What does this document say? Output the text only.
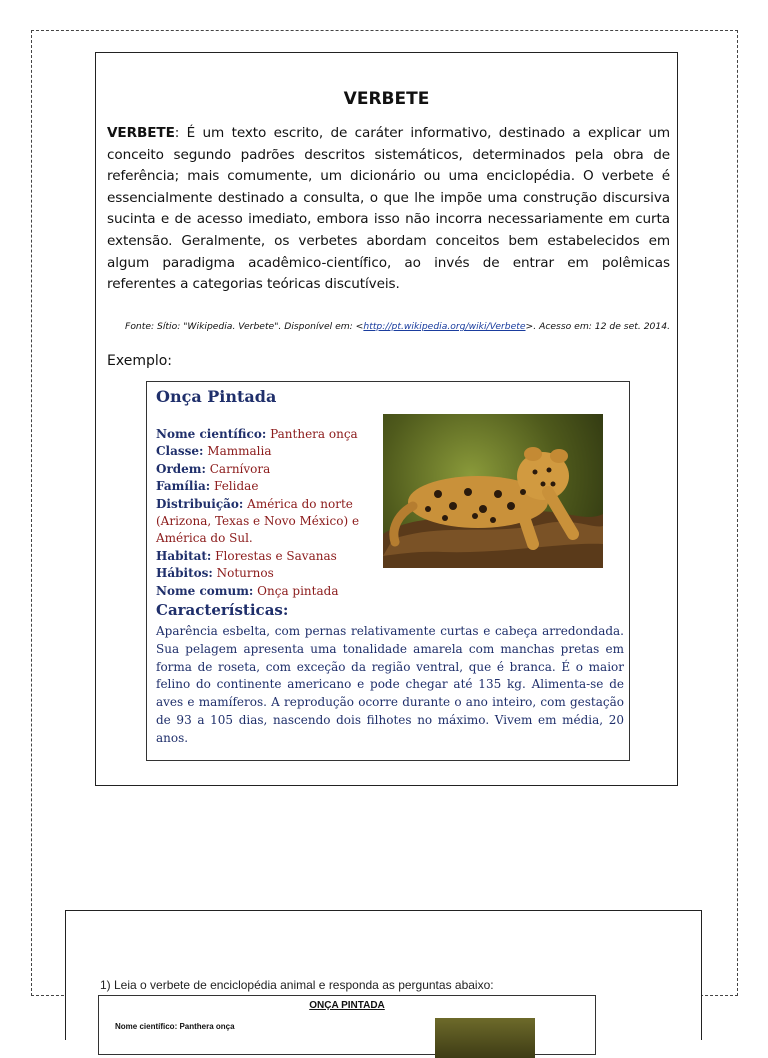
VERBETE

VERBETE: É um texto escrito, de caráter informativo, destinado a explicar um conceito segundo padrões descritos sistemáticos, determinados pela obra de referência; mais comumente, um dicionário ou uma enciclopédia. O verbete é essencialmente destinado a consulta, o que lhe impõe uma construção discursiva sucinta e de acesso imediato, embora isso não incorra necessariamente em curta extensão. Geralmente, os verbetes abordam conceitos bem estabelecidos em algum paradigma acadêmico-científico, ao invés de entrar em polêmicas referentes a categorias teóricas discutíveis.

Fonte: Sítio: "Wikipedia. Verbete". Disponível em: <http://pt.wikipedia.org/wiki/Verbete>. Acesso em: 12 de set. 2014.

Exemplo:
Onça Pintada
Nome científico: Panthera onça
Classe: Mammalia
Ordem: Carnívora
Família: Felidae
Distribuição: América do norte (Arizona, Texas e Novo México) e América do Sul.
Habitat: Florestas e Savanas
Hábitos: Noturnos
Nome comum: Onça pintada
Características:

Aparência esbelta, com pernas relativamente curtas e cabeça arredondada. Sua pelagem apresenta uma tonalidade amarela com manchas pretas em forma de roseta, com exceção da região ventral, que é branca. É o maior felino do continente americano e pode chegar até 135 kg. Alimenta-se de aves e mamíferos. A reprodução ocorre durante o ano inteiro, com gestação de 93 a 105 dias, nascendo dois filhotes no máximo. Vivem em média, 20 anos.

1) Leia o verbete de enciclopédia animal e responda as perguntas abaixo:
ONÇA PINTADA
Nome científico: Panthera onça
